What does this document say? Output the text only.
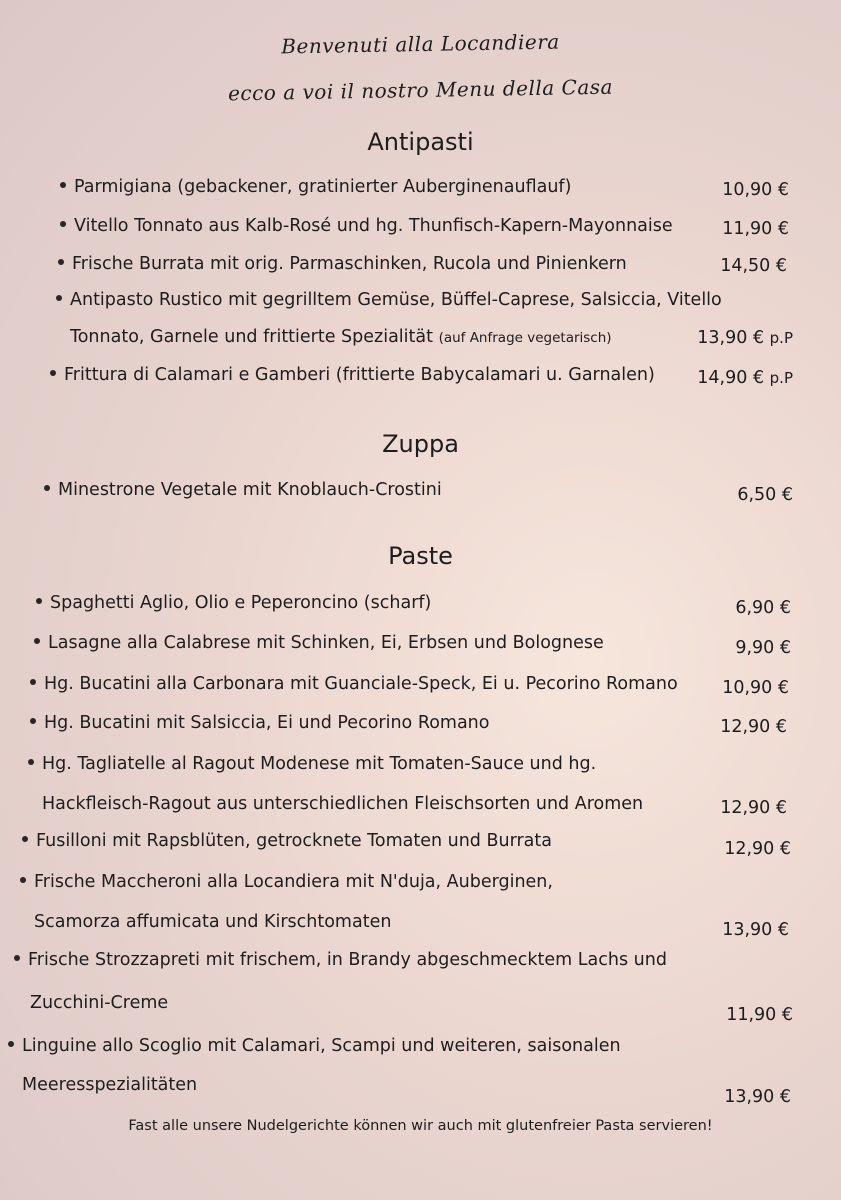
Benvenuti alla Locandiera
ecco a voi il nostro Menu della Casa
Antipasti
Parmigiana (gebackener, gratinierter Auberginenauflauf)	10,90 €
Vitello Tonnato aus Kalb-Rosé und hg. Thunfisch-Kapern-Mayonnaise	11,90 €
Frische Burrata mit orig. Parmaschinken, Rucola und Pinienkern	14,50 €
Antipasto Rustico mit gegrilltem Gemüse, Büffel-Caprese, Salsiccia, Vitello
Tonnato, Garnele und frittierte Spezialität (auf Anfrage vegetarisch)	13,90 € p.P
Frittura di Calamari e Gamberi (frittierte Babycalamari u. Garnalen) 14,90 € p.P
Zuppa
Minestrone Vegetale mit Knoblauch-Crostini	6,50 €
Paste
Spaghetti Aglio, Olio e Peperoncino (scharf)	6,90 €
Lasagne alla Calabrese mit Schinken, Ei, Erbsen und Bolognese	9,90 €
Hg. Bucatini alla Carbonara mit Guanciale-Speck, Ei u. Pecorino Romano	10,90 €
Hg. Bucatini mit Salsiccia, Ei und Pecorino Romano	12,90 €
Hg. Tagliatelle al Ragout Modenese mit Tomaten-Sauce und hg.
Hackfleisch-Ragout aus unterschiedlichen Fleischsorten und Aromen	12,90 €
Fusilloni mit Rapsblüten, getrocknete Tomaten und Burrata	12,90 €
Frische Maccheroni alla Locandiera mit N'duja, Auberginen,
Scamorza affumicata und Kirschtomaten	13,90 €
Frische Strozzapreti mit frischem, in Brandy abgeschmecktem Lachs und
Zucchini-Creme
11,90 €
Linguine allo Scoglio mit Calamari, Scampi und weiteren, saisonalen
Meeresspezialitäten
13,90 €
Fast alle unsere Nudelgerichte können wir auch mit glutenfreier Pasta servieren!
